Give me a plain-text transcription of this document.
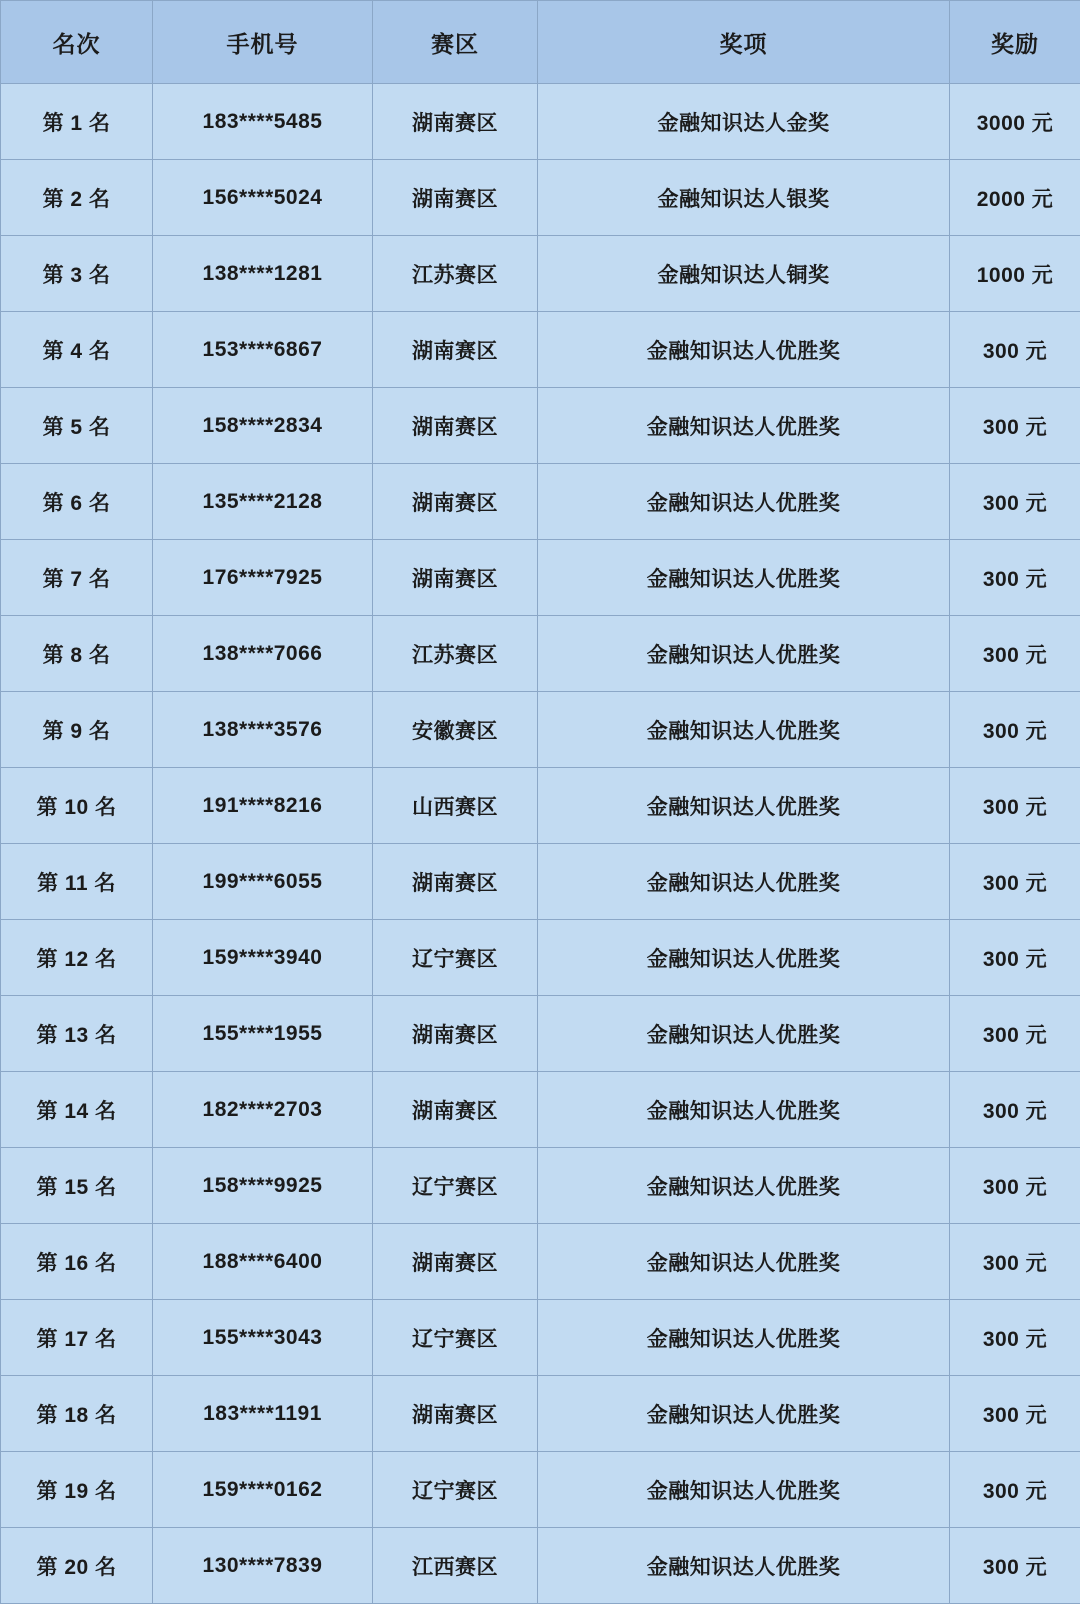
名次	手机号	赛区	奖项	奖励
第 1 名	183****5485	湖南赛区	金融知识达人金奖	3000 元
第 2 名	156****5024	湖南赛区	金融知识达人银奖	2000 元
第 3 名	138****1281	江苏赛区	金融知识达人铜奖	1000 元
第 4 名	153****6867	湖南赛区	金融知识达人优胜奖	300 元
第 5 名	158****2834	湖南赛区	金融知识达人优胜奖	300 元
第 6 名	135****2128	湖南赛区	金融知识达人优胜奖	300 元
第 7 名	176****7925	湖南赛区	金融知识达人优胜奖	300 元
第 8 名	138****7066	江苏赛区	金融知识达人优胜奖	300 元
第 9 名	138****3576	安徽赛区	金融知识达人优胜奖	300 元
第 10 名	191****8216	山西赛区	金融知识达人优胜奖	300 元
第 11 名	199****6055	湖南赛区	金融知识达人优胜奖	300 元
第 12 名	159****3940	辽宁赛区	金融知识达人优胜奖	300 元
第 13 名	155****1955	湖南赛区	金融知识达人优胜奖	300 元
第 14 名	182****2703	湖南赛区	金融知识达人优胜奖	300 元
第 15 名	158****9925	辽宁赛区	金融知识达人优胜奖	300 元
第 16 名	188****6400	湖南赛区	金融知识达人优胜奖	300 元
第 17 名	155****3043	辽宁赛区	金融知识达人优胜奖	300 元
第 18 名	183****1191	湖南赛区	金融知识达人优胜奖	300 元
第 19 名	159****0162	辽宁赛区	金融知识达人优胜奖	300 元
第 20 名	130****7839	江西赛区	金融知识达人优胜奖	300 元
